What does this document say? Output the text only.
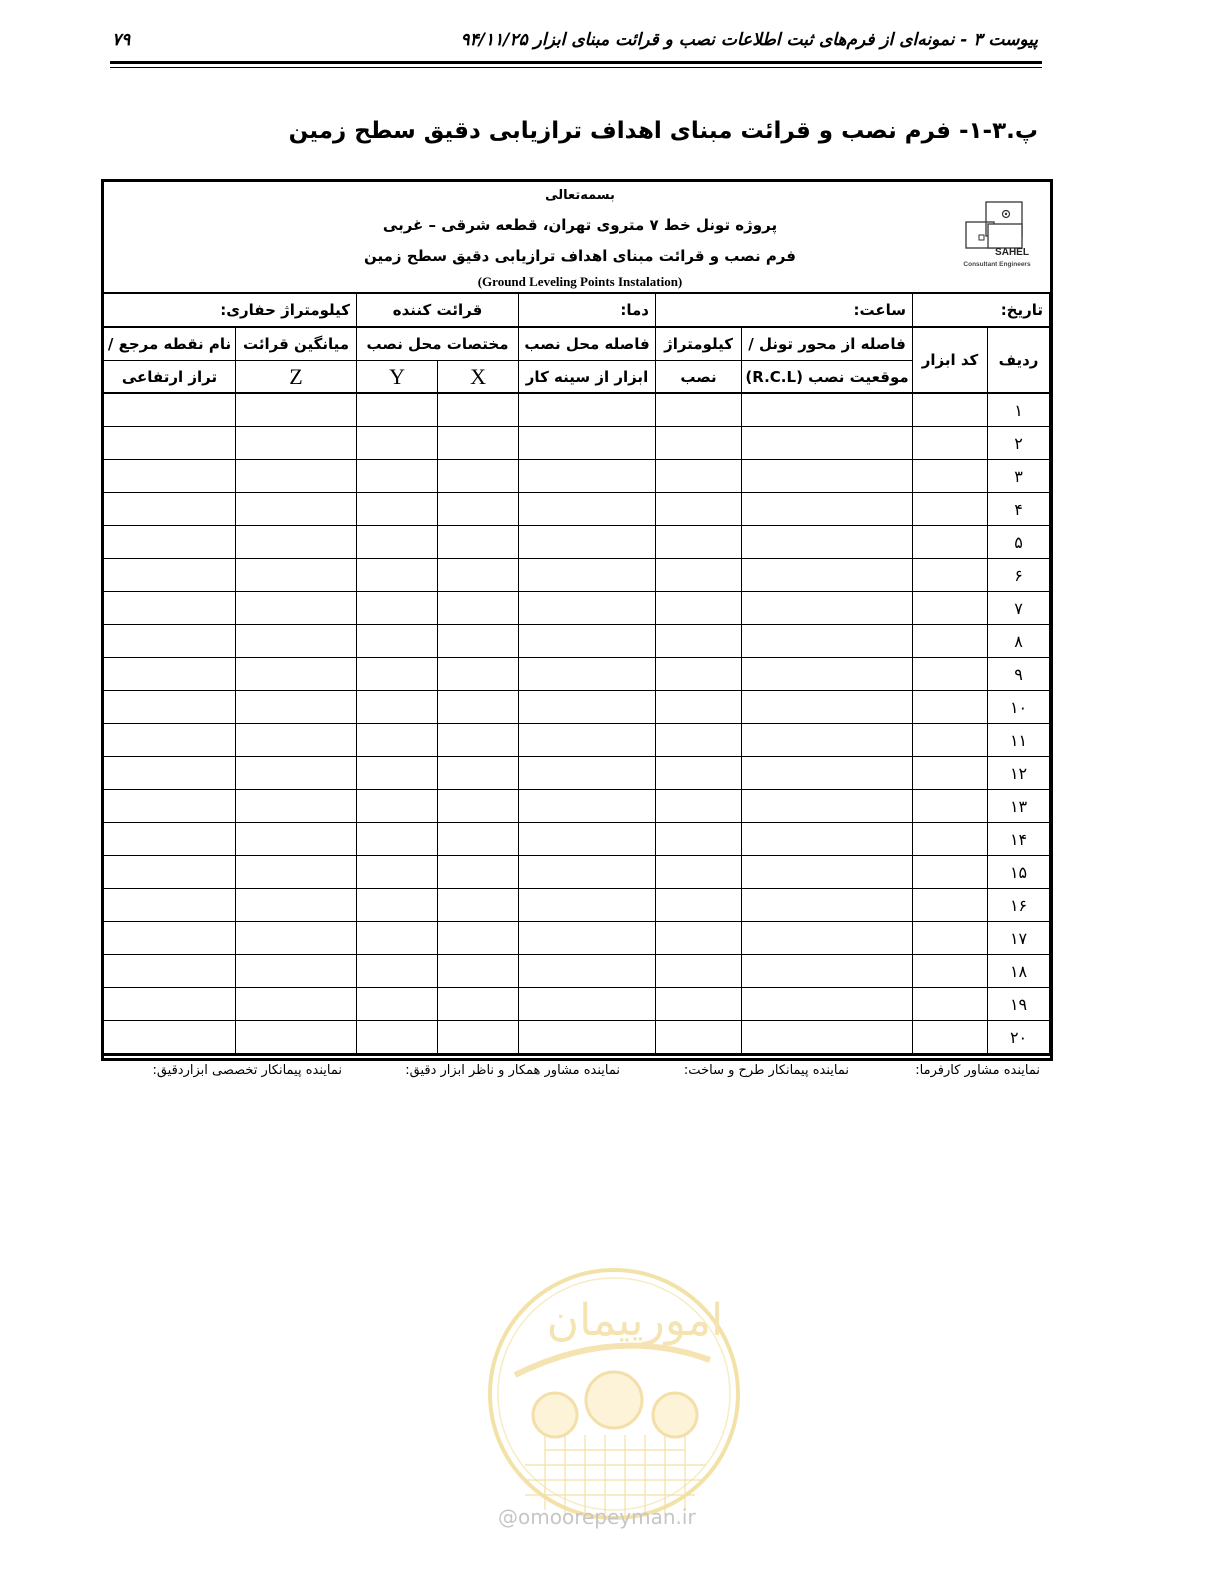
پیوست ۳ - نمونه‌ای از فرم‌های ثبت اطلاعات نصب و قرائت مبنای ابزار ۹۴/۱۱/۲۵
۷۹
پ.۳-۱- فرم نصب و قرائت مبنای اهداف ترازیابی دقیق سطح زمین
بسمه‌تعالی
پروژه تونل خط ۷ متروی تهران، قطعه شرقی – غربی
فرم نصب و قرائت مبنای اهداف ترازیابی دقیق سطح زمین
(Ground Leveling Points Instalation)
SAHEL
Consultant Engineers
کیلومتراژ حفاری:		قرائت کننده		دما:	ساعت:		تاریخ:	
نام نقطه مرجع /	میانگین قرائت	مختصات محل نصب		فاصله محل نصب	کیلومتراژ	فاصله از محور تونل /	کد ابزار	ردیف
تراز ارتفاعی	Z	Y	X	ابزار از سینه کار	نصب	موقعیت نصب (R.C.L)		
								۱
								۲
								۳
								۴
								۵
								۶
								۷
								۸
								۹
								۱۰
								۱۱
								۱۲
								۱۳
								۱۴
								۱۵
								۱۶
								۱۷
								۱۸
								۱۹
								۲۰
نماینده مشاور کارفرما:
نماینده پیمانکار طرح و ساخت:
نماینده مشاور همکار و ناظر ابزار دقیق:
نماینده پیمانکار تخصصی ابزاردقیق:
امورپیمان
@omoorepeyman.ir
